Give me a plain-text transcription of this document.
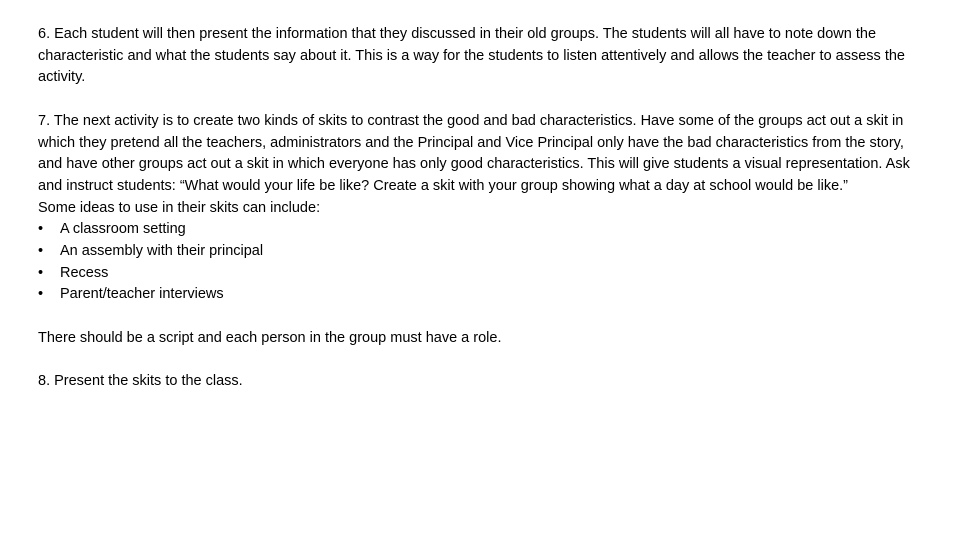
6. Each student will then present the information that they discussed in their old groups. The students will all have to note down the characteristic and what the students say about it. This is a way for the students to listen attentively and allows the teacher to assess the activity.

7. The next activity is to create two kinds of skits to contrast the good and bad characteristics. Have some of the groups act out a skit in which they pretend all the teachers, administrators and the Principal and Vice Principal only have the bad characteristics from the story, and have other groups act out a skit in which everyone has only good characteristics. This will give students a visual representation. Ask and instruct students: “What would your life be like? Create a skit with your group showing what a day at school would be like.”

Some ideas to use in their skits can include:

•	A classroom setting
•	An assembly with their principal
•	Recess
•	Parent/teacher interviews

There should be a script and each person in the group must have a role.

8. Present the skits to the class.
